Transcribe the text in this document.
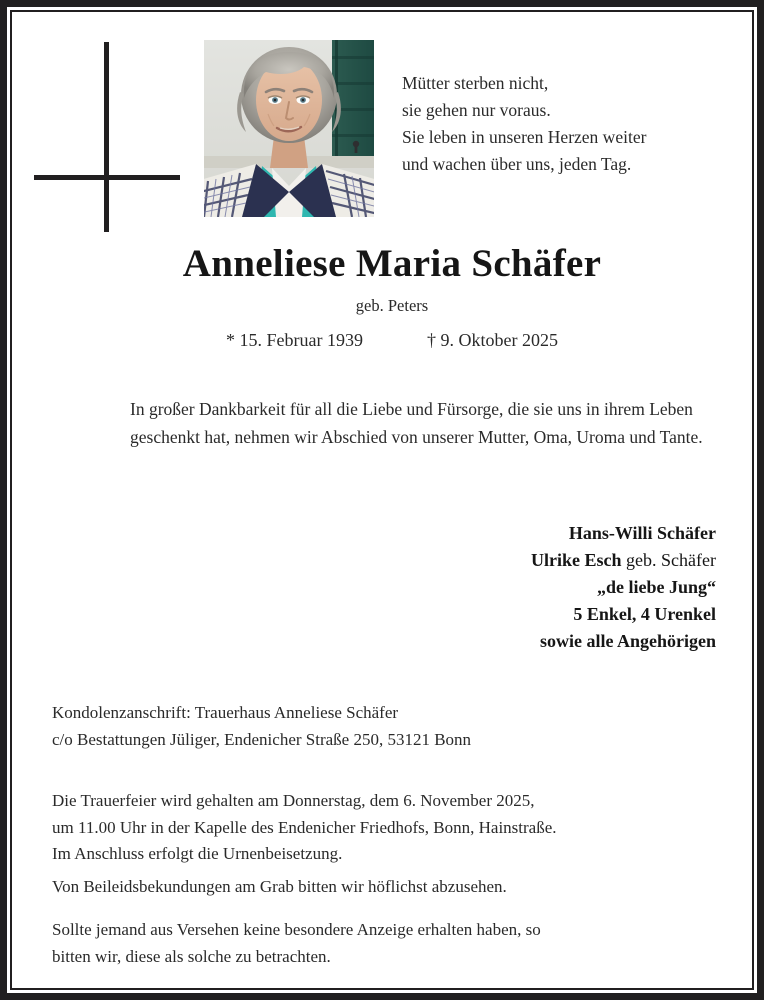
Mütter sterben nicht,
sie gehen nur voraus.
Sie leben in unseren Herzen weiter
und wachen über uns, jeden Tag.
Anneliese Maria Schäfer
geb. Peters
* 15. Februar 1939	† 9. Oktober 2025
In großer Dankbarkeit für all die Liebe und Fürsorge, die sie uns in ihrem Leben geschenkt hat, nehmen wir Abschied von unserer Mutter, Oma, Uroma und Tante.
Hans-Willi Schäfer
Ulrike Esch geb. Schäfer
„de liebe Jung“
5 Enkel, 4 Urenkel
sowie alle Angehörigen
Kondolenzanschrift: Trauerhaus Anneliese Schäfer
c/o Bestattungen Jüliger, Endenicher Straße 250, 53121 Bonn
Die Trauerfeier wird gehalten am Donnerstag, dem 6. November 2025,
um 11.00 Uhr in der Kapelle des Endenicher Friedhofs, Bonn, Hainstraße.
Im Anschluss erfolgt die Urnenbeisetzung.
Von Beileidsbekundungen am Grab bitten wir höflichst abzusehen.
Sollte jemand aus Versehen keine besondere Anzeige erhalten haben, so
bitten wir, diese als solche zu betrachten.
